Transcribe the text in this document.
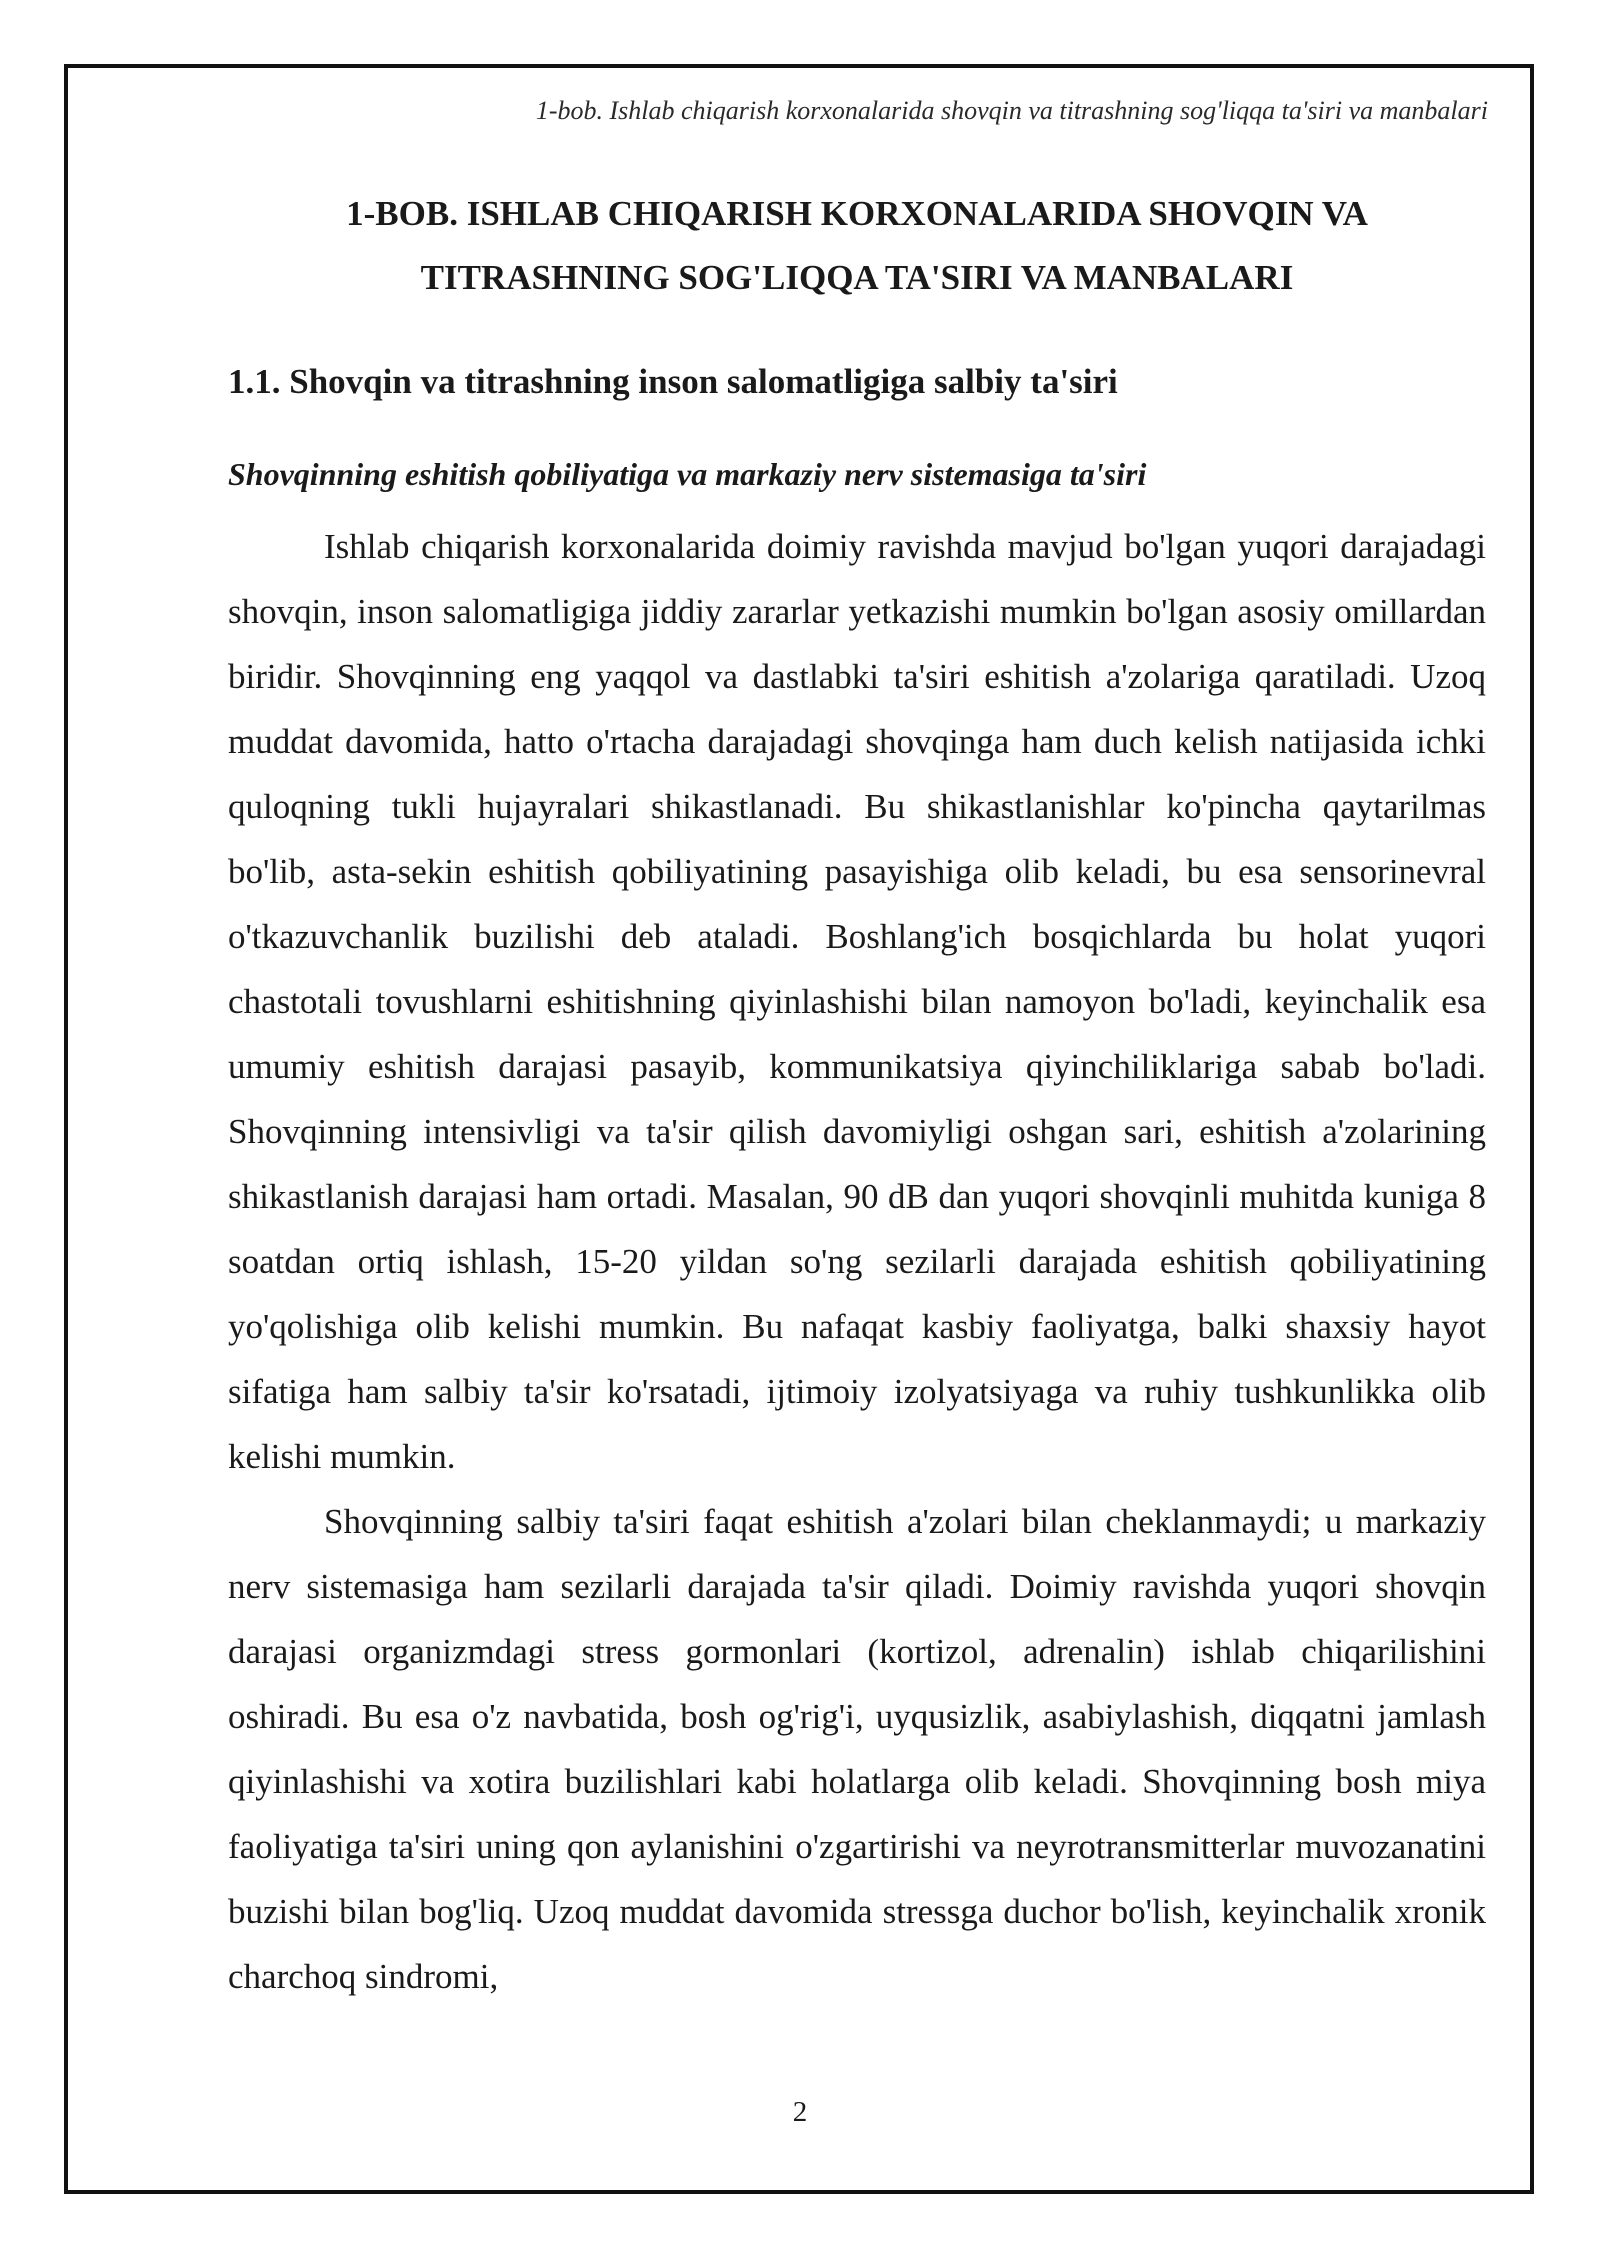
1-bob. Ishlab chiqarish korxonalarida shovqin va titrashning sog'liqqa ta'siri va manbalari
1-BOB. ISHLAB CHIQARISH KORXONALARIDA SHOVQIN VA
TITRASHNING SOG'LIQQA TA'SIRI VA MANBALARI
1.1. Shovqin va titrashning inson salomatligiga salbiy ta'siri
Shovqinning eshitish qobiliyatiga va markaziy nerv sistemasiga ta'siri

Ishlab chiqarish korxonalarida doimiy ravishda mavjud bo'lgan yuqori darajadagi shovqin, inson salomatligiga jiddiy zararlar yetkazishi mumkin bo'lgan asosiy omillardan biridir. Shovqinning eng yaqqol va dastlabki ta'siri eshitish a'zolariga qaratiladi. Uzoq muddat davomida, hatto o'rtacha darajadagi shovqinga ham duch kelish natijasida ichki quloqning tukli hujayralari shikastlanadi. Bu shikastlanishlar ko'pincha qaytarilmas bo'lib, asta-sekin eshitish qobiliyatining pasayishiga olib keladi, bu esa sensorinevral o'tkazuvchanlik buzilishi deb ataladi. Boshlang'ich bosqichlarda bu holat yuqori chastotali tovushlarni eshitishning qiyinlashishi bilan namoyon bo'ladi, keyinchalik esa umumiy eshitish darajasi pasayib, kommunikatsiya qiyinchiliklariga sabab bo'ladi. Shovqinning intensivligi va ta'sir qilish davomiyligi oshgan sari, eshitish a'zolarining shikastlanish darajasi ham ortadi. Masalan, 90 dB dan yuqori shovqinli muhitda kuniga 8 soatdan ortiq ishlash, 15-20 yildan so'ng sezilarli darajada eshitish qobiliyatining yo'qolishiga olib kelishi mumkin. Bu nafaqat kasbiy faoliyatga, balki shaxsiy hayot sifatiga ham salbiy ta'sir ko'rsatadi, ijtimoiy izolyatsiyaga va ruhiy tushkunlikka olib kelishi mumkin.

Shovqinning salbiy ta'siri faqat eshitish a'zolari bilan cheklanmaydi; u markaziy nerv sistemasiga ham sezilarli darajada ta'sir qiladi. Doimiy ravishda yuqori shovqin darajasi organizmdagi stress gormonlari (kortizol, adrenalin) ishlab chiqarilishini oshiradi. Bu esa o'z navbatida, bosh og'rig'i, uyqusizlik, asabiylashish, diqqatni jamlash qiyinlashishi va xotira buzilishlari kabi holatlarga olib keladi. Shovqinning bosh miya faoliyatiga ta'siri uning qon aylanishini o'zgartirishi va neyrotransmitterlar muvozanatini buzishi bilan bog'liq. Uzoq muddat davomida stressga duchor bo'lish, keyinchalik xronik charchoq sindromi,

2
